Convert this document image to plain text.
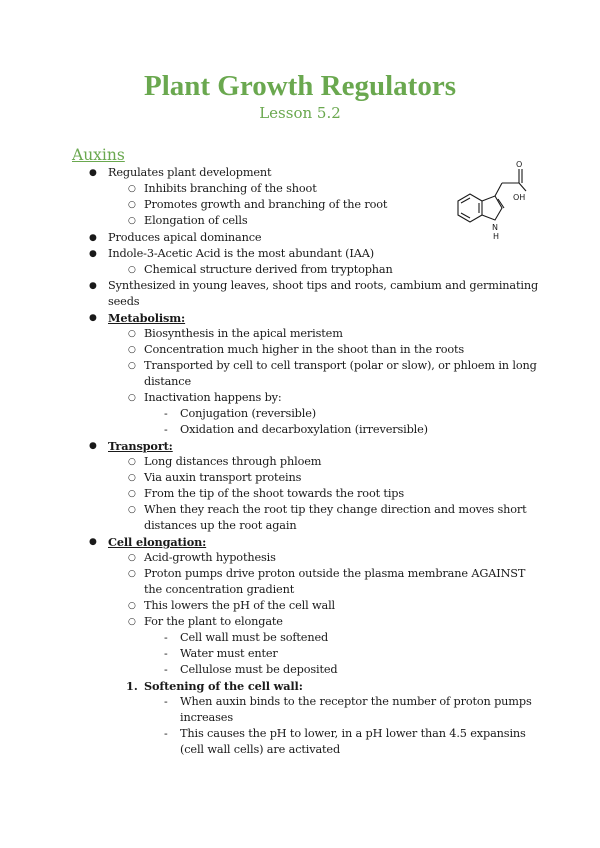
Plant Growth Regulators
Lesson 5.2
Auxins
O
OH
N
H
●
○
○
○
●
●
○
●
●
○
○
○
○
-
-
●
○
○
○
○
●
○
○
○
○
-
-
-
1.
-
-
Regulates plant development
Inhibits branching of the shoot
Promotes growth and branching of the root
Elongation of cells
Produces apical dominance
Indole-3-Acetic Acid is the most abundant (IAA)
Chemical structure derived from tryptophan
Synthesized in young leaves, shoot tips and roots, cambium and germinating
seeds
Metabolism:
Biosynthesis in the apical meristem
Concentration much higher in the shoot than in the roots
Transported by cell to cell transport (polar or slow), or phloem in long
distance
Inactivation happens by:
Conjugation (reversible)
Oxidation and decarboxylation (irreversible)
Transport:
Long distances through phloem
Via auxin transport proteins
From the tip of the shoot towards the root tips
When they reach the root tip they change direction and moves short
distances up the root again
Cell elongation:
Acid-growth hypothesis
Proton pumps drive proton outside the plasma membrane AGAINST
the concentration gradient
This lowers the pH of the cell wall
For the plant to elongate
Cell wall must be softened
Water must enter
Cellulose must be deposited
Softening of the cell wall:
When auxin binds to the receptor the number of proton pumps
increases
This causes the pH to lower, in a pH lower than 4.5 expansins
(cell wall cells) are activated
